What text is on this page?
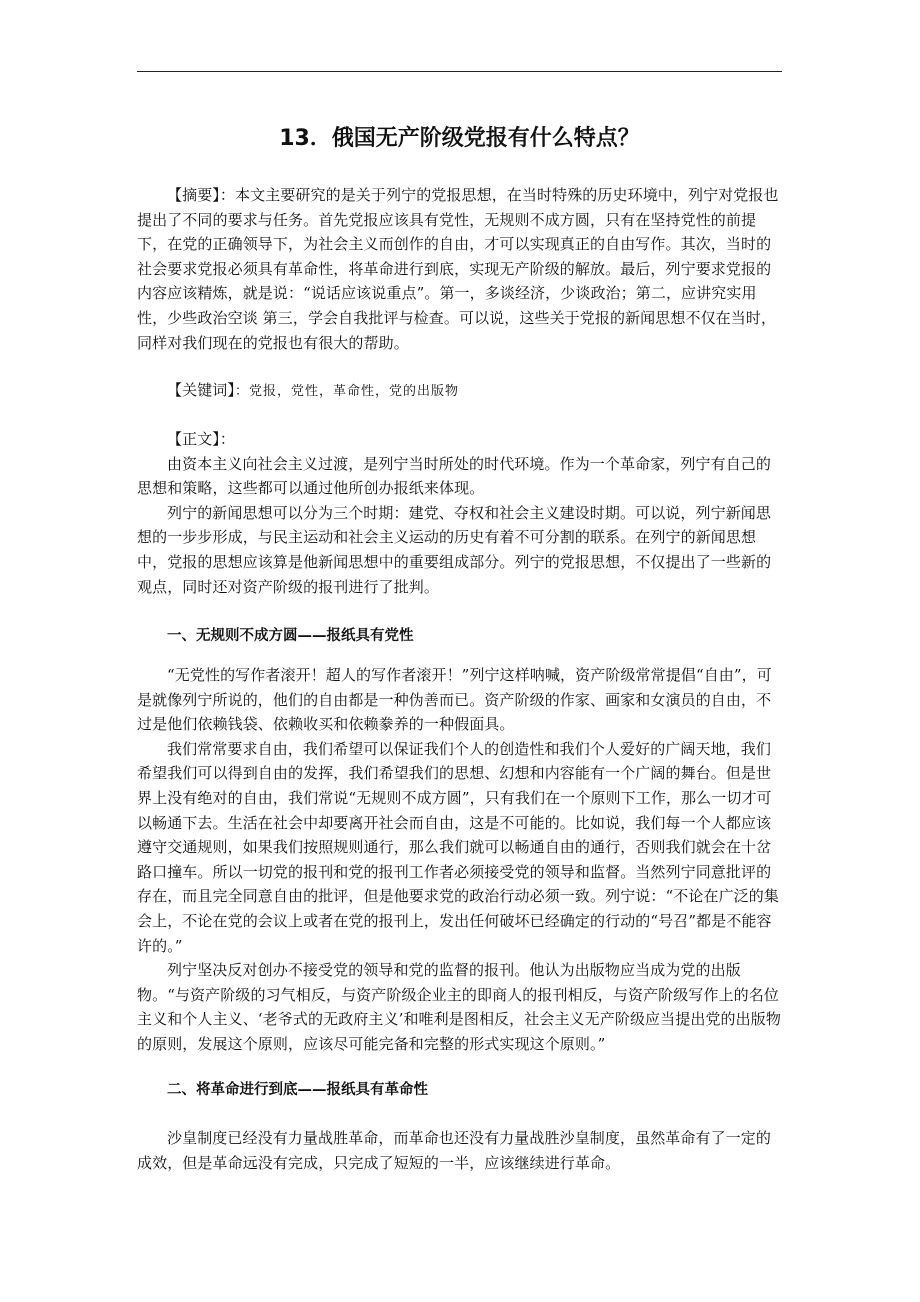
13．俄国无产阶级党报有什么特点？

【摘要】：本文主要研究的是关于列宁的党报思想，在当时特殊的历史环境中，列宁对党报也提出了不同的要求与任务。首先党报应该具有党性，无规则不成方圆，只有在坚持党性的前提下，在党的正确领导下，为社会主义而创作的自由，才可以实现真正的自由写作。其次，当时的社会要求党报必须具有革命性，将革命进行到底，实现无产阶级的解放。最后，列宁要求党报的内容应该精炼，就是说：“说话应该说重点”。第一，多谈经济，少谈政治；第二，应讲究实用性，少些政治空谈 第三，学会自我批评与检查。可以说，这些关于党报的新闻思想不仅在当时，同样对我们现在的党报也有很大的帮助。

【关键词】：党报，党性，革命性，党的出版物

【正文】：

由资本主义向社会主义过渡，是列宁当时所处的时代环境。作为一个革命家，列宁有自己的思想和策略，这些都可以通过他所创办报纸来体现。

列宁的新闻思想可以分为三个时期：建党、夺权和社会主义建设时期。可以说，列宁新闻思想的一步步形成，与民主运动和社会主义运动的历史有着不可分割的联系。在列宁的新闻思想中，党报的思想应该算是他新闻思想中的重要组成部分。列宁的党报思想，不仅提出了一些新的观点，同时还对资产阶级的报刊进行了批判。

一、无规则不成方圆——报纸具有党性

“无党性的写作者滚开！超人的写作者滚开！”列宁这样呐喊，资产阶级常常提倡“自由”，可是就像列宁所说的，他们的自由都是一种伪善而已。资产阶级的作家、画家和女演员的自由，不过是他们依赖钱袋、依赖收买和依赖豢养的一种假面具。

我们常常要求自由，我们希望可以保证我们个人的创造性和我们个人爱好的广阔天地，我们希望我们可以得到自由的发挥，我们希望我们的思想、幻想和内容能有一个广阔的舞台。但是世界上没有绝对的自由，我们常说“无规则不成方圆”，只有我们在一个原则下工作，那么一切才可以畅通下去。生活在社会中却要离开社会而自由，这是不可能的。比如说，我们每一个人都应该遵守交通规则，如果我们按照规则通行，那么我们就可以畅通自由的通行，否则我们就会在十岔路口撞车。所以一切党的报刊和党的报刊工作者必须接受党的领导和监督。当然列宁同意批评的存在，而且完全同意自由的批评，但是他要求党的政治行动必须一致。列宁说：“不论在广泛的集会上，不论在党的会议上或者在党的报刊上，发出任何破坏已经确定的行动的“号召”都是不能容许的。”

列宁坚决反对创办不接受党的领导和党的监督的报刊。他认为出版物应当成为党的出版物。“与资产阶级的习气相反，与资产阶级企业主的即商人的报刊相反，与资产阶级写作上的名位主义和个人主义、‘老爷式的无政府主义’和唯利是图相反，社会主义无产阶级应当提出党的出版物的原则，发展这个原则，应该尽可能完备和完整的形式实现这个原则。”

二、将革命进行到底——报纸具有革命性

沙皇制度已经没有力量战胜革命，而革命也还没有力量战胜沙皇制度，虽然革命有了一定的成效，但是革命远没有完成，只完成了短短的一半，应该继续进行革命。
